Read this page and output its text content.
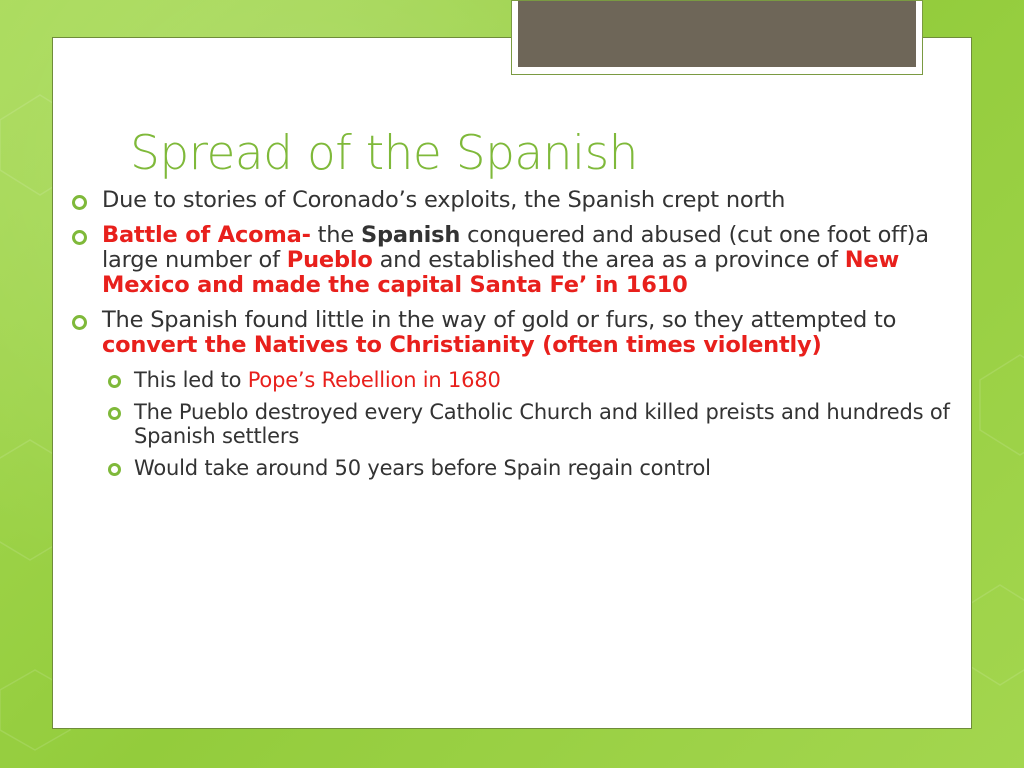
Spread of the Spanish
Due to stories of Coronado’s exploits, the Spanish crept north
Battle of Acoma- the Spanish conquered and abused (cut one foot off)a large number of Pueblo and established the area as a province of New Mexico and made the capital Santa Fe’ in 1610
The Spanish found little in the way of gold or furs, so they attempted to convert the Natives to Christianity (often times violently)
This led to Pope’s Rebellion in 1680
The Pueblo destroyed every Catholic Church and killed preists and hundreds of Spanish settlers
Would take around 50 years before Spain regain control
